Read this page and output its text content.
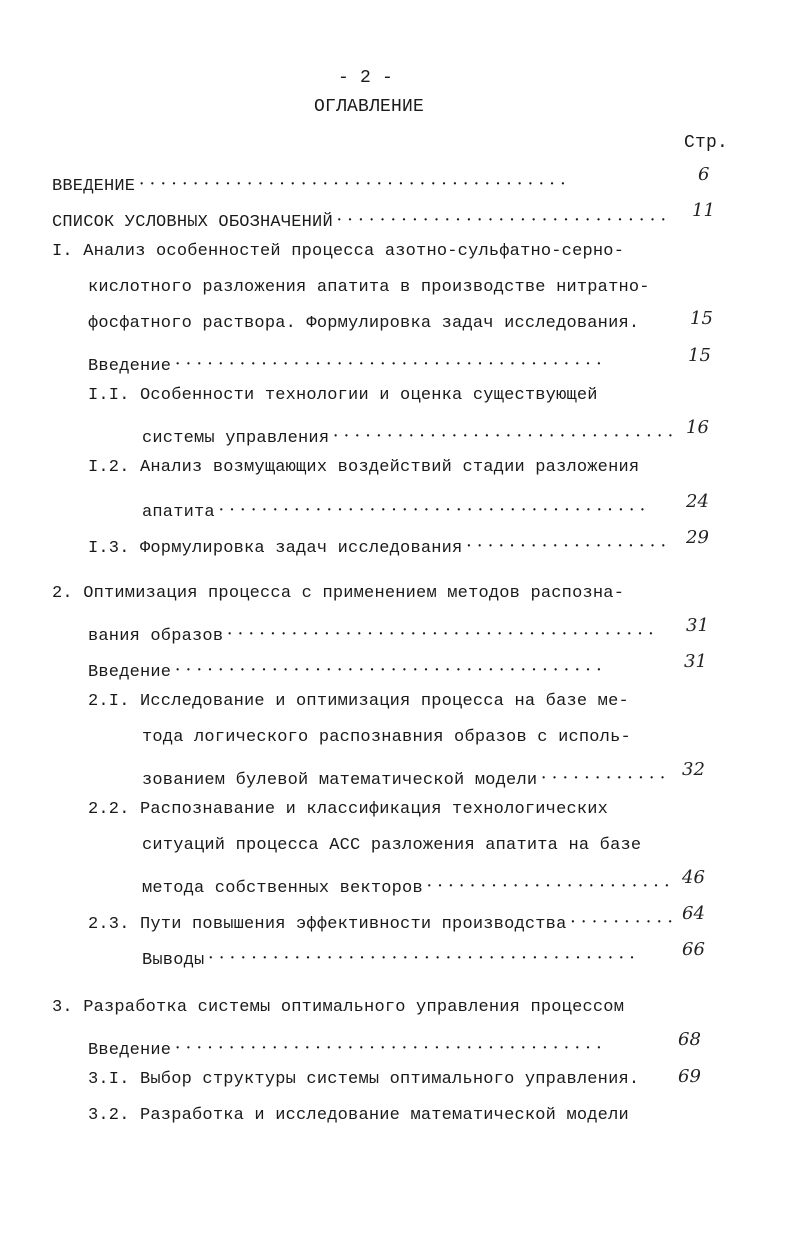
- 2 -
ОГЛАВЛЕНИЕ
Стр.
ВВЕДЕНИЕ
•••••
6
СПИСОК УСЛОВНЫХ ОБОЗНАЧЕНИЙ
•••••
11
I. Анализ особенностей процесса азотно-сульфатно-серно-
кислотного разложения апатита в производстве нитратно-
фосфатного раствора. Формулировка задач исследования.	15
Введение
•••••
15
I.I. Особенности технологии и оценка существующей
системы управления
•••••
16
I.2. Анализ возмущающих воздействий стадии разложения
апатита
•••••
24
I.3. Формулировка задач исследования
•••••
29
2. Оптимизация процесса с применением методов распозна-
вания образов
•••••
31
Введение
•••••
31
2.I. Исследование и оптимизация процесса на базе ме-
тода логического распознавния образов с исполь-
зованием булевой математической модели
•••••
32
2.2. Распознавание и классификация технологических
ситуаций процесса АСС разложения апатита на базе
метода собственных векторов
•••••
46
2.3. Пути повышения эффективности производства
•••••
64
Выводы
•••••
66
3. Разработка системы оптимального управления процессом
Введение
•••••
68
3.I. Выбор структуры системы оптимального управления. 69
3.2. Разработка и исследование математической модели
